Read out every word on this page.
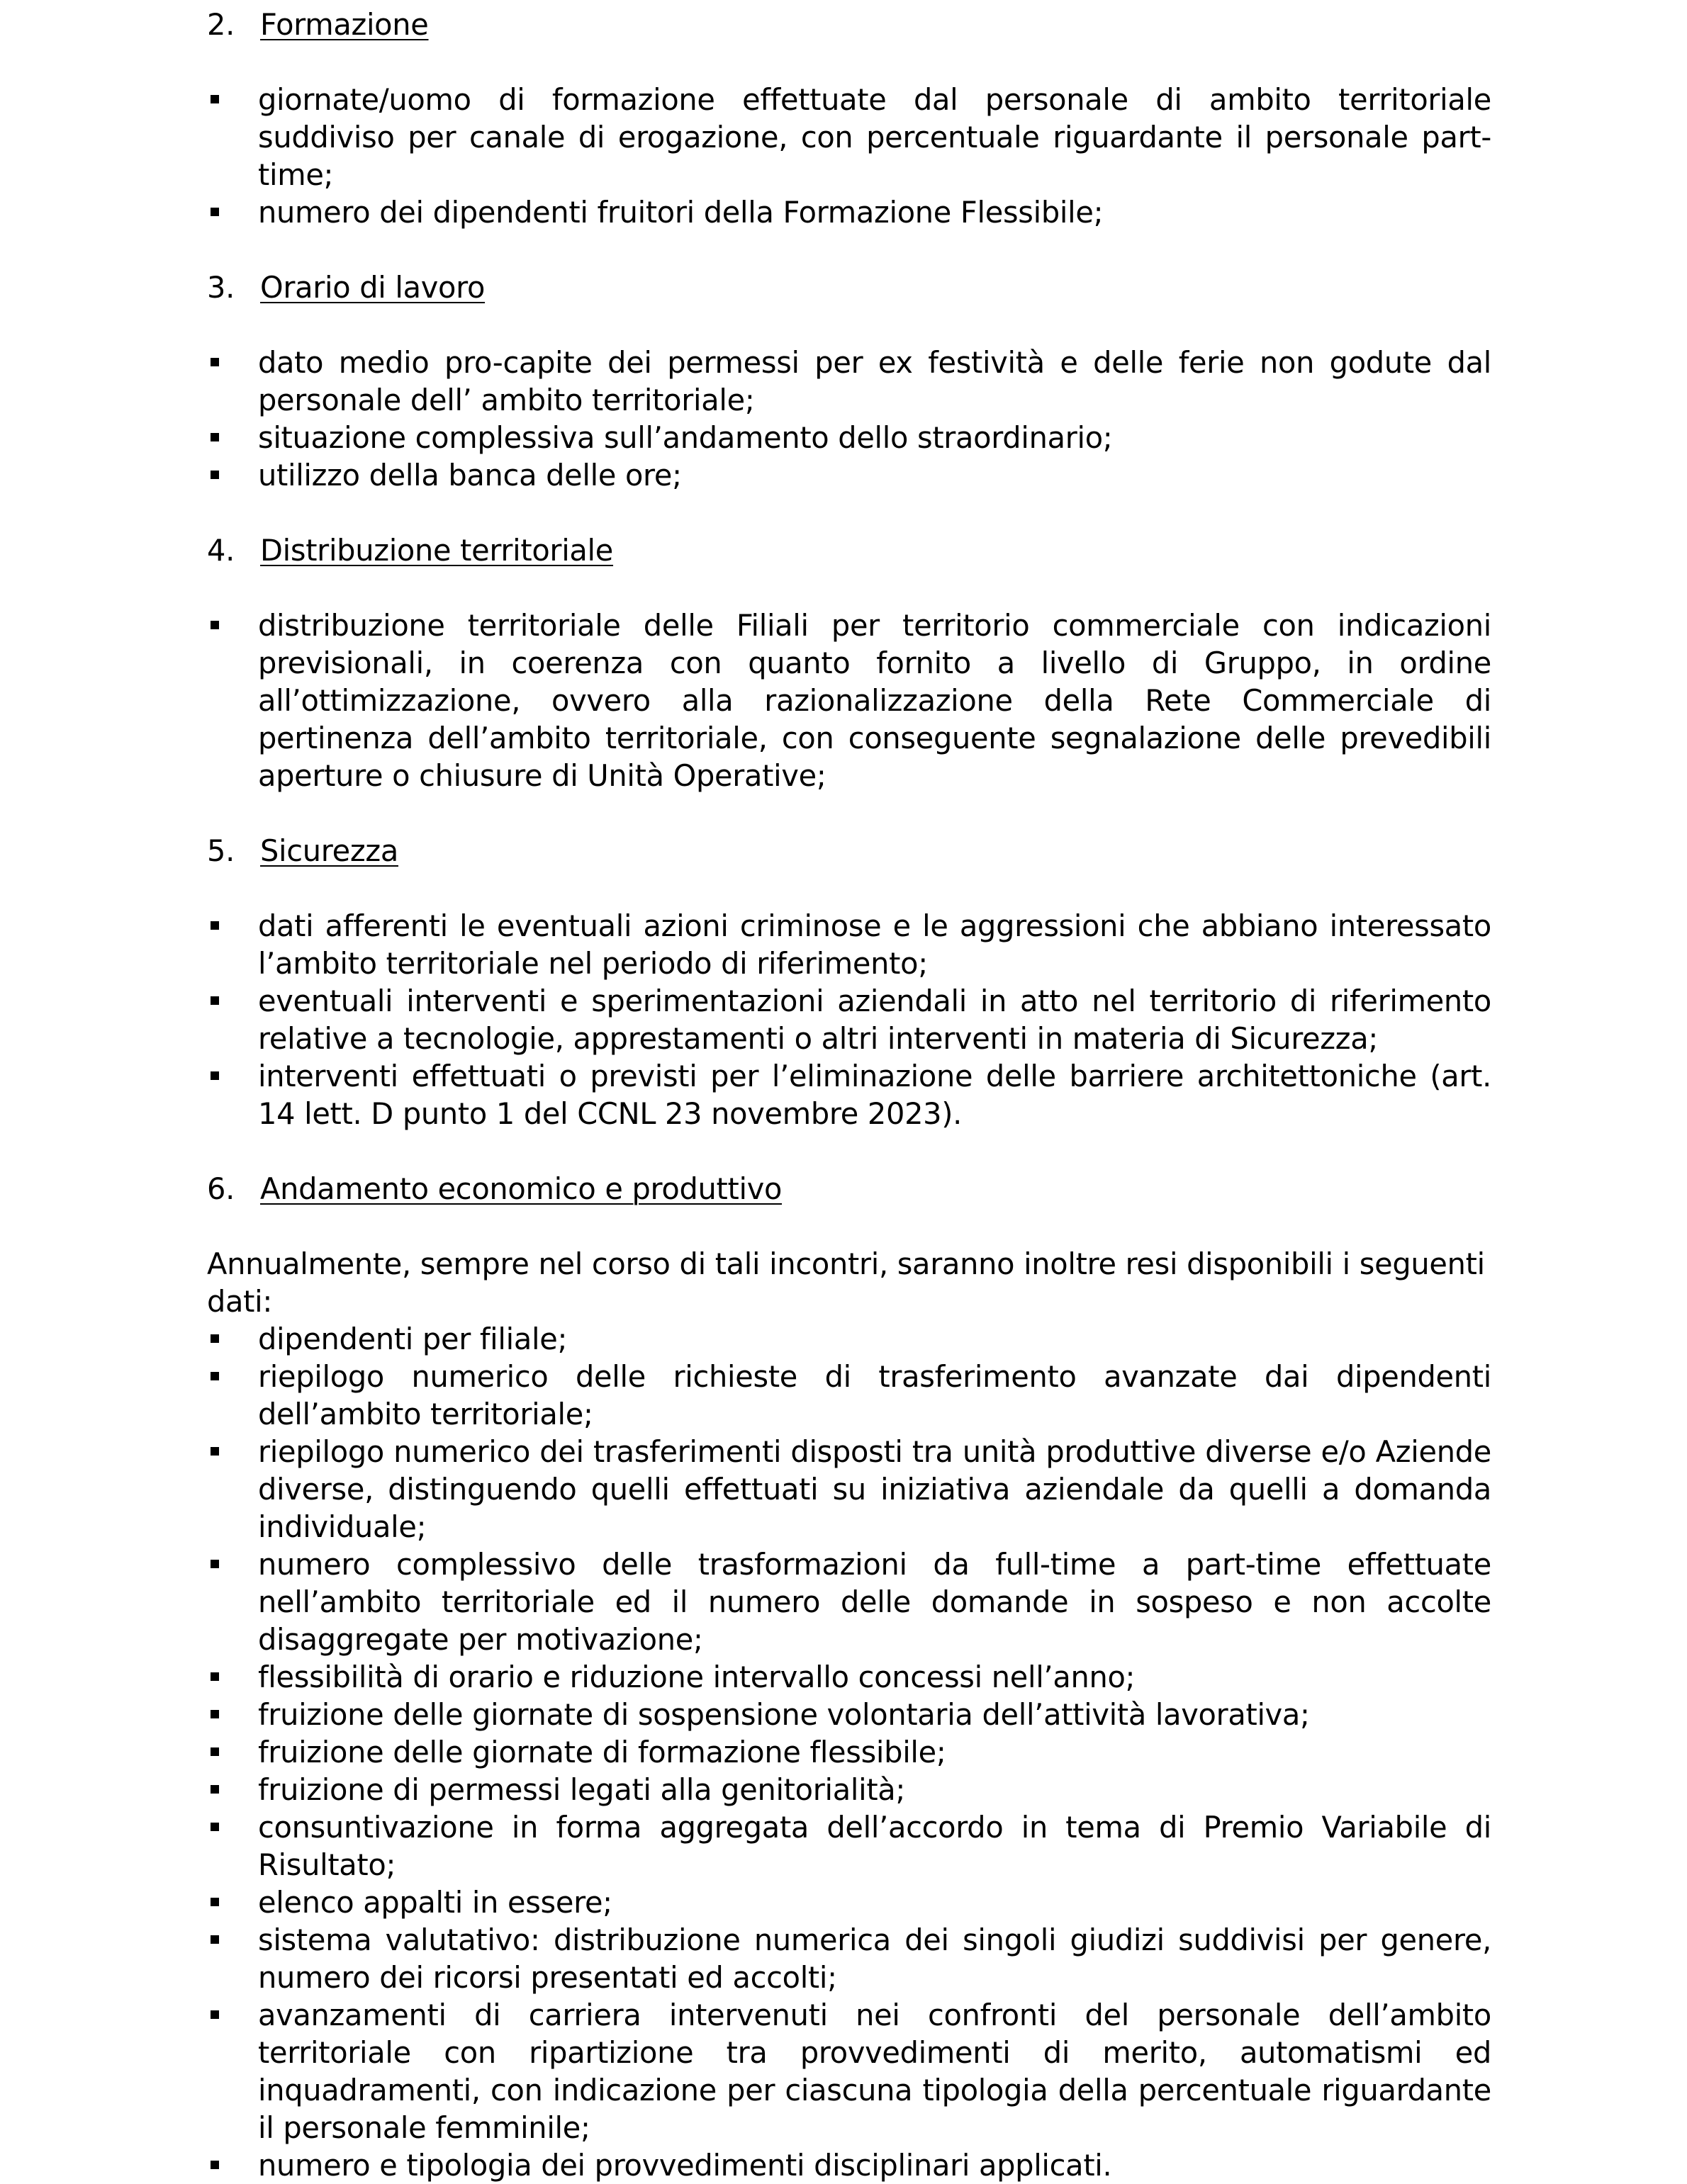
2. Formazione
giornate/uomo di formazione effettuate dal personale di ambito territoriale suddiviso per canale di erogazione, con percentuale riguardante il personale part-time;
numero dei dipendenti fruitori della Formazione Flessibile;
3. Orario di lavoro
dato medio pro-capite dei permessi per ex festività e delle ferie non godute dal personale dell’ ambito territoriale;
situazione complessiva sull’andamento dello straordinario;
utilizzo della banca delle ore;
4. Distribuzione territoriale
distribuzione territoriale delle Filiali per territorio commerciale con indicazioni previsionali, in coerenza con quanto fornito a livello di Gruppo, in ordine all’ottimizzazione, ovvero alla razionalizzazione della Rete Commerciale di pertinenza dell’ambito territoriale, con conseguente segnalazione delle prevedibili aperture o chiusure di Unità Operative;
5. Sicurezza
dati afferenti le eventuali azioni criminose e le aggressioni che abbiano interessato l’ambito territoriale nel periodo di riferimento;
eventuali interventi e sperimentazioni aziendali in atto nel territorio di riferimento relative a tecnologie, apprestamenti o altri interventi in materia di Sicurezza;
interventi effettuati o previsti per l’eliminazione delle barriere architettoniche (art. 14 lett. D punto 1 del CCNL 23 novembre 2023).
6. Andamento economico e produttivo

Annualmente, sempre nel corso di tali incontri, saranno inoltre resi disponibili i seguenti dati:

dipendenti per filiale;
riepilogo numerico delle richieste di trasferimento avanzate dai dipendenti dell’ambito territoriale;
riepilogo numerico dei trasferimenti disposti tra unità produttive diverse e/o Aziende diverse, distinguendo quelli effettuati su iniziativa aziendale da quelli a domanda individuale;
numero complessivo delle trasformazioni da full-time a part-time effettuate nell’ambito territoriale ed il numero delle domande in sospeso e non accolte disaggregate per motivazione;
flessibilità di orario e riduzione intervallo concessi nell’anno;
fruizione delle giornate di sospensione volontaria dell’attività lavorativa;
fruizione delle giornate di formazione flessibile;
fruizione di permessi legati alla genitorialità;
consuntivazione in forma aggregata dell’accordo in tema di Premio Variabile di Risultato;
elenco appalti in essere;
sistema valutativo: distribuzione numerica dei singoli giudizi suddivisi per genere, numero dei ricorsi presentati ed accolti;
avanzamenti di carriera intervenuti nei confronti del personale dell’ambito territoriale con ripartizione tra provvedimenti di merito, automatismi ed inquadramenti, con indicazione per ciascuna tipologia della percentuale riguardante il personale femminile;
numero e tipologia dei provvedimenti disciplinari applicati.
